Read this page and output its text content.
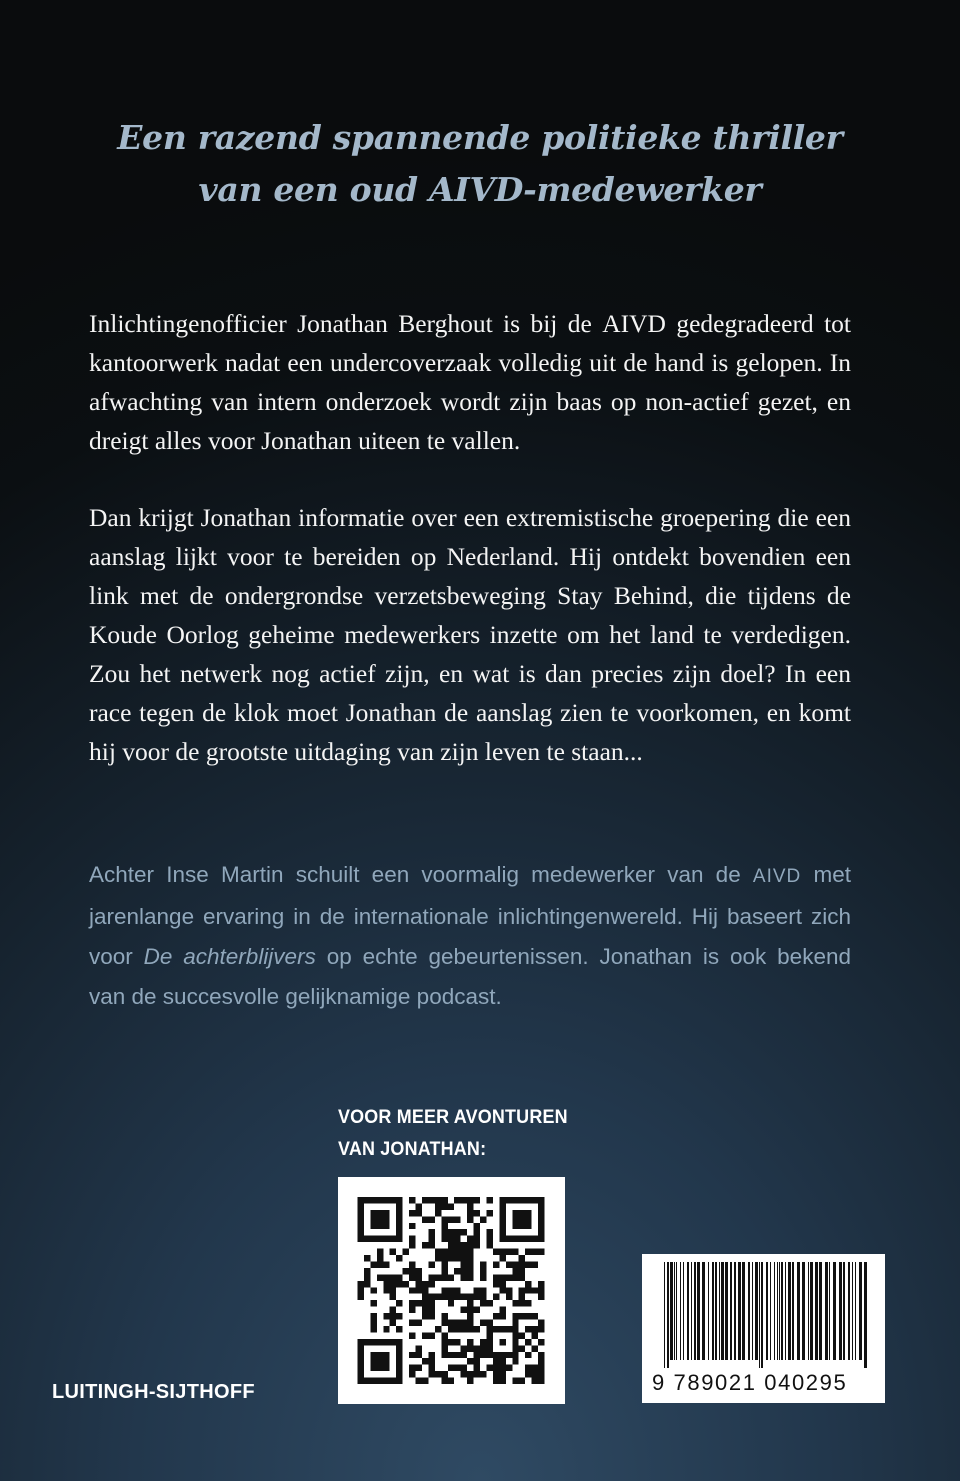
Een razend spannende politieke thriller
van een oud AIVD-medewerker

Inlichtingenofficier Jonathan Berghout is bij de AIVD gedegradeerd tot kantoorwerk nadat een undercoverzaak volledig uit de hand is gelopen. In afwachting van intern onderzoek wordt zijn baas op non-actief gezet, en dreigt alles voor Jonathan uiteen te vallen.

Dan krijgt Jonathan informatie over een extremistische groepering die een aanslag lijkt voor te bereiden op Nederland. Hij ontdekt bovendien een link met de ondergrondse verzetsbeweging Stay Behind, die tijdens de Koude Oorlog geheime medewerkers inzette om het land te verdedigen. Zou het netwerk nog actief zijn, en wat is dan precies zijn doel? In een race tegen de klok moet Jonathan de aanslag zien te voorkomen, en komt hij voor de grootste uitdaging van zijn leven te staan...

Achter Inse Martin schuilt een voormalig medewerker van de AIVD met jarenlange ervaring in de internationale inlichtingenwereld. Hij baseert zich voor De achterblijvers op echte gebeurtenissen. Jonathan is ook bekend van de succesvolle gelijknamige podcast.

VOOR MEER AVONTUREN
VAN JONATHAN:
9 789021 040295
LUITINGH-SIJTHOFF
